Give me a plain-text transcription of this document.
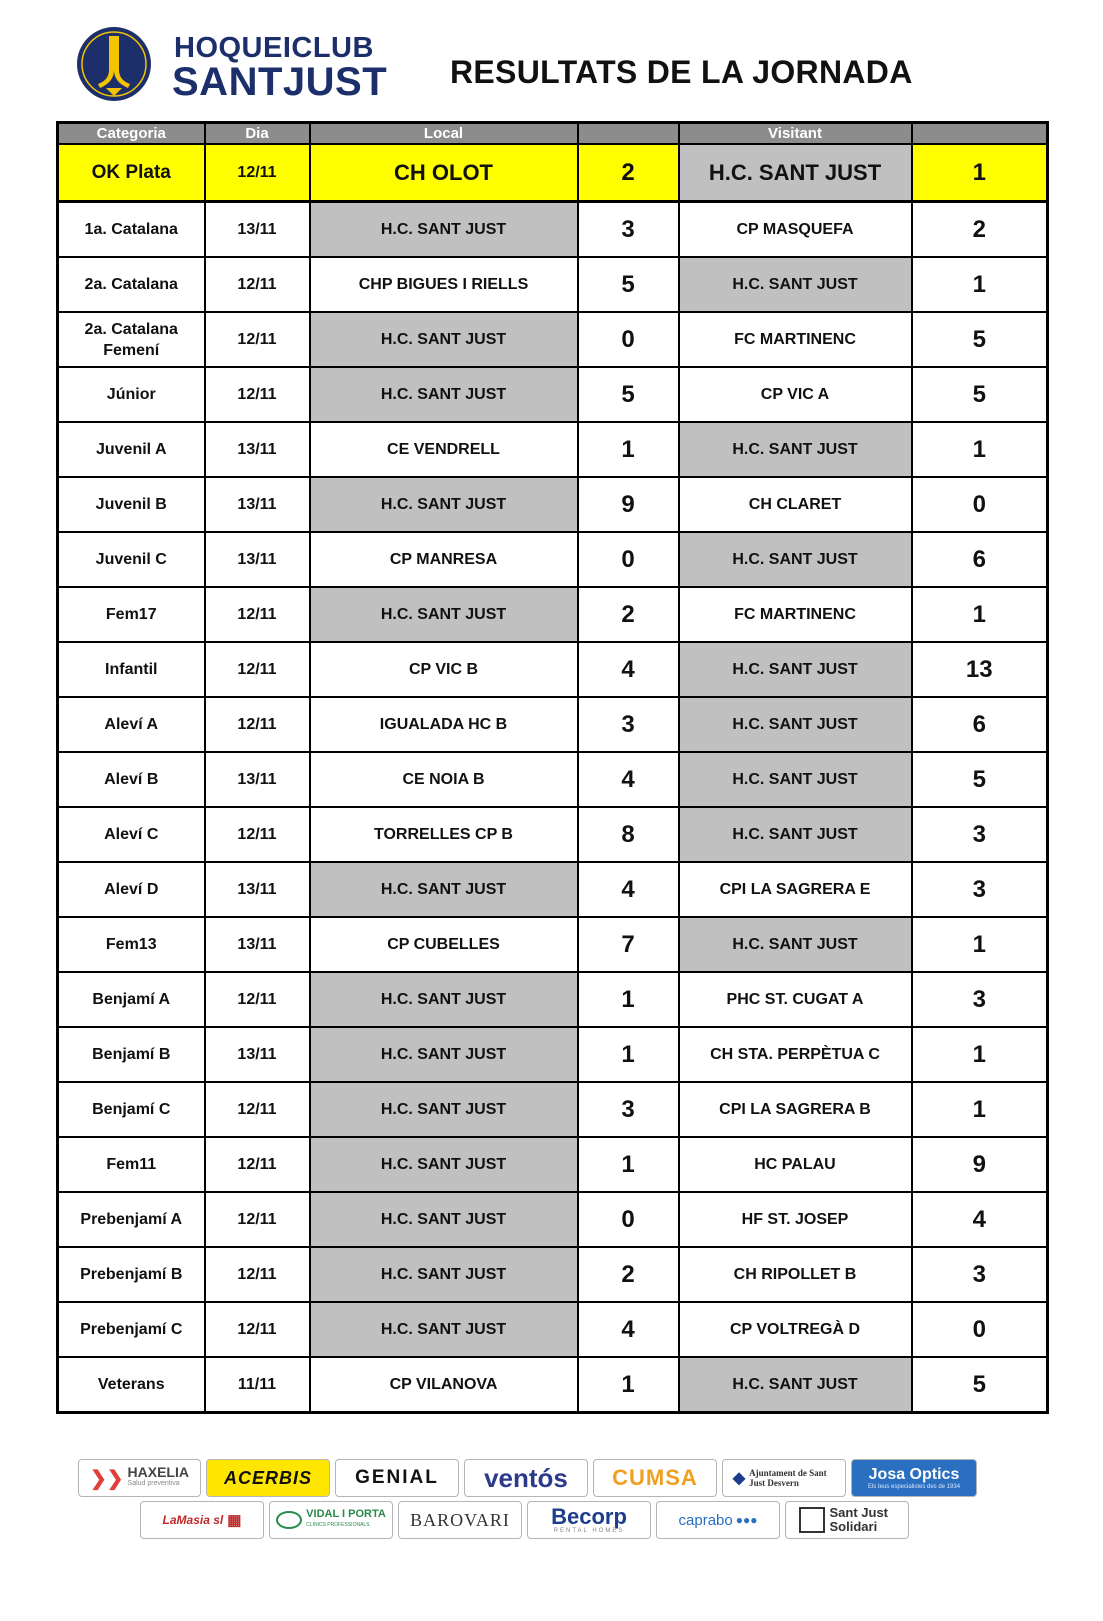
HOQUEICLUB
SANTJUST RESULTATS DE LA JORNADA
Categoria	Dia	Local		Visitant	
OK Plata	12/11	CH OLOT	2	H.C. SANT JUST	1
1a. Catalana	13/11	H.C. SANT JUST	3	CP MASQUEFA	2
2a. Catalana	12/11	CHP BIGUES I RIELLS	5	H.C. SANT JUST	1
2a. Catalana Femení	12/11	H.C. SANT JUST	0	FC MARTINENC	5
Júnior	12/11	H.C. SANT JUST	5	CP VIC A	5
Juvenil A	13/11	CE VENDRELL	1	H.C. SANT JUST	1
Juvenil B	13/11	H.C. SANT JUST	9	CH CLARET	0
Juvenil C	13/11	CP MANRESA	0	H.C. SANT JUST	6
Fem17	12/11	H.C. SANT JUST	2	FC MARTINENC	1
Infantil	12/11	CP VIC B	4	H.C. SANT JUST	13
Aleví A	12/11	IGUALADA HC B	3	H.C. SANT JUST	6
Aleví B	13/11	CE NOIA B	4	H.C. SANT JUST	5
Aleví C	12/11	TORRELLES CP B	8	H.C. SANT JUST	3
Aleví D	13/11	H.C. SANT JUST	4	CPI LA SAGRERA E	3
Fem13	13/11	CP CUBELLES	7	H.C. SANT JUST	1
Benjamí A	12/11	H.C. SANT JUST	1	PHC ST. CUGAT A	3
Benjamí B	13/11	H.C. SANT JUST	1	CH STA. PERPÈTUA C	1
Benjamí C	12/11	H.C. SANT JUST	3	CPI LA SAGRERA B	1
Fem11	12/11	H.C. SANT JUST	1	HC PALAU	9
Prebenjamí A	12/11	H.C. SANT JUST	0	HF ST. JOSEP	4
Prebenjamí B	12/11	H.C. SANT JUST	2	CH RIPOLLET B	3
Prebenjamí C	12/11	H.C. SANT JUST	4	CP VOLTREGÀ D	0
Veterans	11/11	CP VILANOVA	1	H.C. SANT JUST	5
❯❯ HAXELIA
Salud preventiva	ACERBIS GENIAL ventós CUMSA ◆ Ajuntament de Sant Just Desvern	Josa Optics
Els teus especialistes des de 1934
LaMasia sl ▦	VIDAL I PORTA
CLINICS PROFESSIONALS	BAROVARI Becorp
RENTAL HOMES
caprabo ●●●	Sant Just Solidari
